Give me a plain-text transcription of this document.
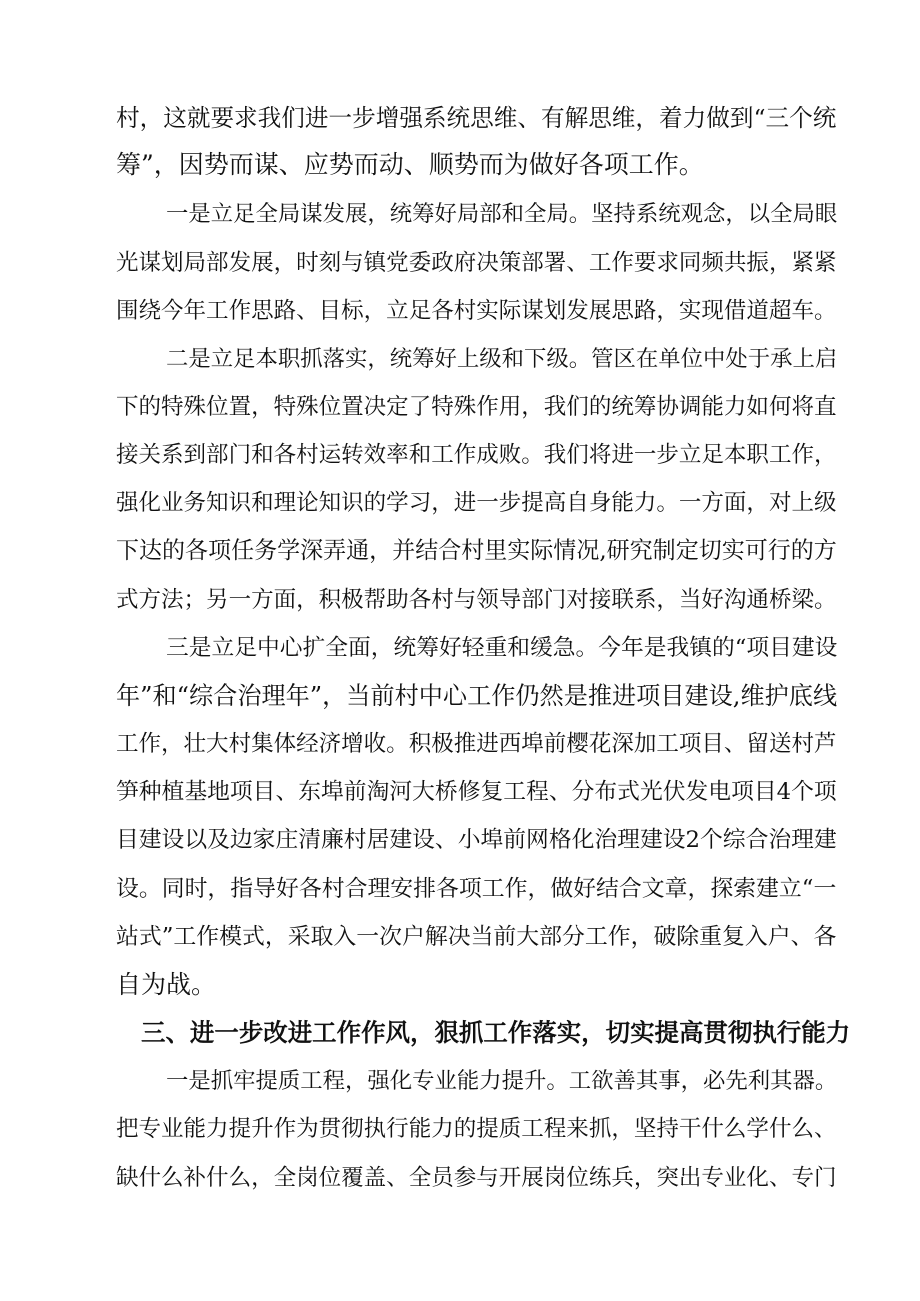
村，这就要求我们进一步增强系统思维、有解思维，着力做到“三个统
筹”，因势而谋、应势而动、顺势而为做好各项工作。
一是立足全局谋发展，统筹好局部和全局。坚持系统观念，以全局眼
光谋划局部发展，时刻与镇党委政府决策部署、工作要求同频共振，紧紧
围绕今年工作思路、目标，立足各村实际谋划发展思路，实现借道超车。
二是立足本职抓落实，统筹好上级和下级。管区在单位中处于承上启
下的特殊位置，特殊位置决定了特殊作用，我们的统筹协调能力如何将直
接关系到部门和各村运转效率和工作成败。我们将进一步立足本职工作，
强化业务知识和理论知识的学习，进一步提高自身能力。一方面，对上级
下达的各项任务学深弄通，并结合村里实际情况,研究制定切实可行的方
式方法；另一方面，积极帮助各村与领导部门对接联系，当好沟通桥梁。
三是立足中心扩全面，统筹好轻重和缓急。今年是我镇的“项目建设
年”和“综合治理年”，当前村中心工作仍然是推进项目建设,维护底线
工作，壮大村集体经济增收。积极推进西埠前樱花深加工项目、留送村芦
笋种植基地项目、东埠前淘河大桥修复工程、分布式光伏发电项目4个项
目建设以及边家庄清廉村居建设、小埠前网格化治理建设2个综合治理建
设。同时，指导好各村合理安排各项工作，做好结合文章，探索建立“一
站式”工作模式，采取入一次户解决当前大部分工作，破除重复入户、各
自为战。
三、进一步改进工作作风，狠抓工作落实，切实提高贯彻执行能力
一是抓牢提质工程，强化专业能力提升。工欲善其事，必先利其器。
把专业能力提升作为贯彻执行能力的提质工程来抓，坚持干什么学什么、
缺什么补什么，全岗位覆盖、全员参与开展岗位练兵，突出专业化、专门
